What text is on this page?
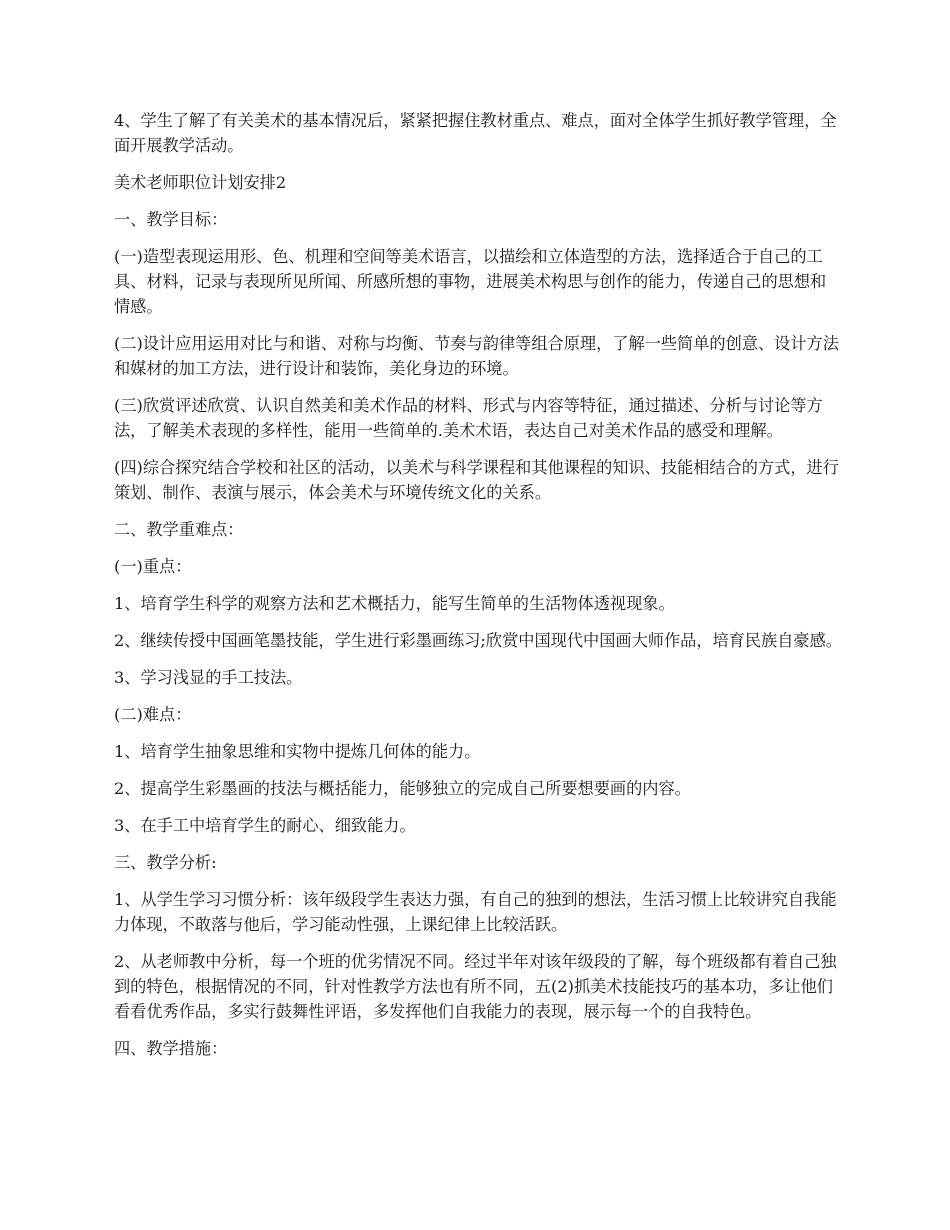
4、学生了解了有关美术的基本情况后，紧紧把握住教材重点、难点，面对全体学生抓好教学管理，全面开展教学活动。

美术老师职位计划安排2

一、教学目标：

(一)造型表现运用形、色、机理和空间等美术语言，以描绘和立体造型的方法，选择适合于自己的工具、材料，记录与表现所见所闻、所感所想的事物，进展美术构思与创作的能力，传递自己的思想和情感。

(二)设计应用运用对比与和谐、对称与均衡、节奏与韵律等组合原理，了解一些简单的创意、设计方法和媒材的加工方法，进行设计和装饰，美化身边的环境。

(三)欣赏评述欣赏、认识自然美和美术作品的材料、形式与内容等特征，通过描述、分析与讨论等方法，了解美术表现的多样性，能用一些简单的.美术术语，表达自己对美术作品的感受和理解。

(四)综合探究结合学校和社区的活动，以美术与科学课程和其他课程的知识、技能相结合的方式，进行策划、制作、表演与展示，体会美术与环境传统文化的关系。

二、教学重难点：

(一)重点：

1、培育学生科学的观察方法和艺术概括力，能写生简单的生活物体透视现象。

2、继续传授中国画笔墨技能，学生进行彩墨画练习;欣赏中国现代中国画大师作品，培育民族自豪感。

3、学习浅显的手工技法。

(二)难点：

1、培育学生抽象思维和实物中提炼几何体的能力。

2、提高学生彩墨画的技法与概括能力，能够独立的完成自己所要想要画的内容。

3、在手工中培育学生的耐心、细致能力。

三、教学分析:

1、从学生学习习惯分析：该年级段学生表达力强，有自己的独到的想法，生活习惯上比较讲究自我能力体现，不敢落与他后，学习能动性强，上课纪律上比较活跃。

2、从老师教中分析，每一个班的优劣情况不同。经过半年对该年级段的了解，每个班级都有着自己独到的特色，根据情况的不同，针对性教学方法也有所不同，五(2)抓美术技能技巧的基本功，多让他们看看优秀作品，多实行鼓舞性评语，多发挥他们自我能力的表现，展示每一个的自我特色。

四、教学措施：
